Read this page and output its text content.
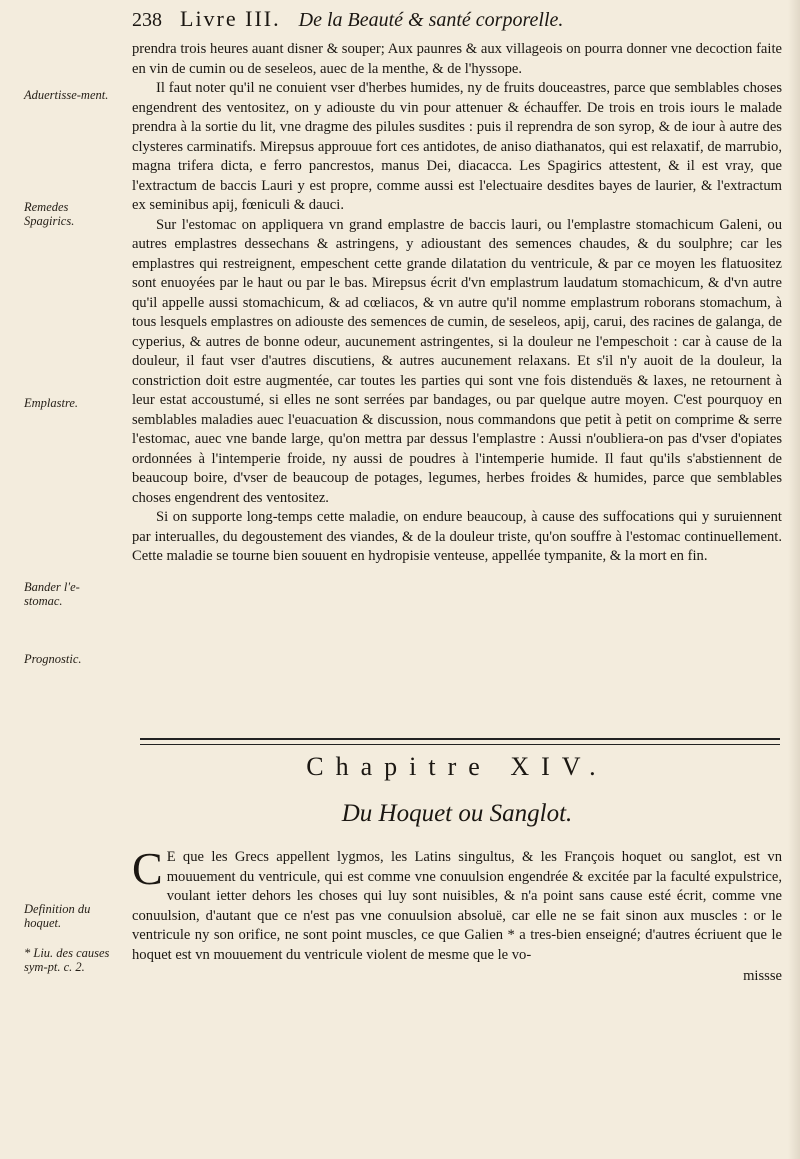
238 Livre III. De la Beauté & santé corporelle.
Aduertisse-ment.
Remedes Spagirics.
Emplastre.
Bander l'e-stomac.
Prognostic.
Definition du hoquet.
* Liu. des causes sym-pt. c. 2.

prendra trois heures auant disner & souper; Aux paunres & aux villageois on pourra donner vne decoction faite en vin de cumin ou de seseleos, auec de la menthe, & de l'hyssope.

Il faut noter qu'il ne conuient vser d'herbes humides, ny de fruits douceastres, parce que semblables choses engendrent des ventositez, on y adiouste du vin pour attenuer & échauffer. De trois en trois iours le malade prendra à la sortie du lit, vne dragme des pilules susdites : puis il reprendra de son syrop, & de iour à autre des clysteres carminatifs. Mirepsus approuue fort ces antidotes, de aniso diathanatos, qui est relaxatif, de marrubio, magna trifera dicta, e ferro pancrestos, manus Dei, diacacca. Les Spagirics attestent, & il est vray, que l'extractum de baccis Lauri y est propre, comme aussi est l'electuaire desdites bayes de laurier, & l'extractum ex seminibus apij, fœniculi & dauci.

Sur l'estomac on appliquera vn grand emplastre de baccis lauri, ou l'emplastre stomachicum Galeni, ou autres emplastres dessechans & astringens, y adioustant des semences chaudes, & du soulphre; car les emplastres qui restreignent, empeschent cette grande dilatation du ventricule, & par ce moyen les flatuositez sont enuoyées par le haut ou par le bas. Mirepsus écrit d'vn emplastrum laudatum stomachicum, & d'vn autre qu'il appelle aussi stomachicum, & ad cœliacos, & vn autre qu'il nomme emplastrum roborans stomachum, à tous lesquels emplastres on adiouste des semences de cumin, de seseleos, apij, carui, des racines de galanga, de cyperius, & autres de bonne odeur, aucunement astringentes, si la douleur ne l'empeschoit : car à cause de la douleur, il faut vser d'autres discutiens, & autres aucunement relaxans. Et s'il n'y auoit de la douleur, la constriction doit estre augmentée, car toutes les parties qui sont vne fois distenduës & laxes, ne retournent à leur estat accoustumé, si elles ne sont serrées par bandages, ou par quelque autre moyen. C'est pourquoy en semblables maladies auec l'euacuation & discussion, nous commandons que petit à petit on comprime & serre l'estomac, auec vne bande large, qu'on mettra par dessus l'emplastre : Aussi n'oubliera-on pas d'vser d'opiates ordonnées à l'intemperie froide, ny aussi de poudres à l'intemperie humide. Il faut qu'ils s'abstiennent de beaucoup boire, d'vser de beaucoup de potages, legumes, herbes froides & humides, parce que semblables choses engendrent des ventositez.

Si on supporte long-temps cette maladie, on endure beaucoup, à cause des suffocations qui y suruiennent par interualles, du degoustement des viandes, & de la douleur triste, qu'on souffre à l'estomac continuellement. Cette maladie se tourne bien souuent en hydropisie venteuse, appellée tympanite, & la mort en fin.

Chapitre XIV.
Du Hoquet ou Sanglot.

C E que les Grecs appellent lygmos, les Latins singultus, & les François hoquet ou sanglot, est vn mouuement du ventricule, qui est comme vne conuulsion engendrée & excitée par la faculté expulstrice, voulant ietter dehors les choses qui luy sont nuisibles, & n'a point sans cause esté écrit, comme vne conuulsion, d'autant que ce n'est pas vne conuulsion absoluë, car elle ne se fait sinon aux muscles : or le ventricule ny son orifice, ne sont point muscles, ce que Galien * a tres-bien enseigné; d'autres écriuent que le hoquet est vn mouuement du ventricule violent de mesme que le vo-

missse
